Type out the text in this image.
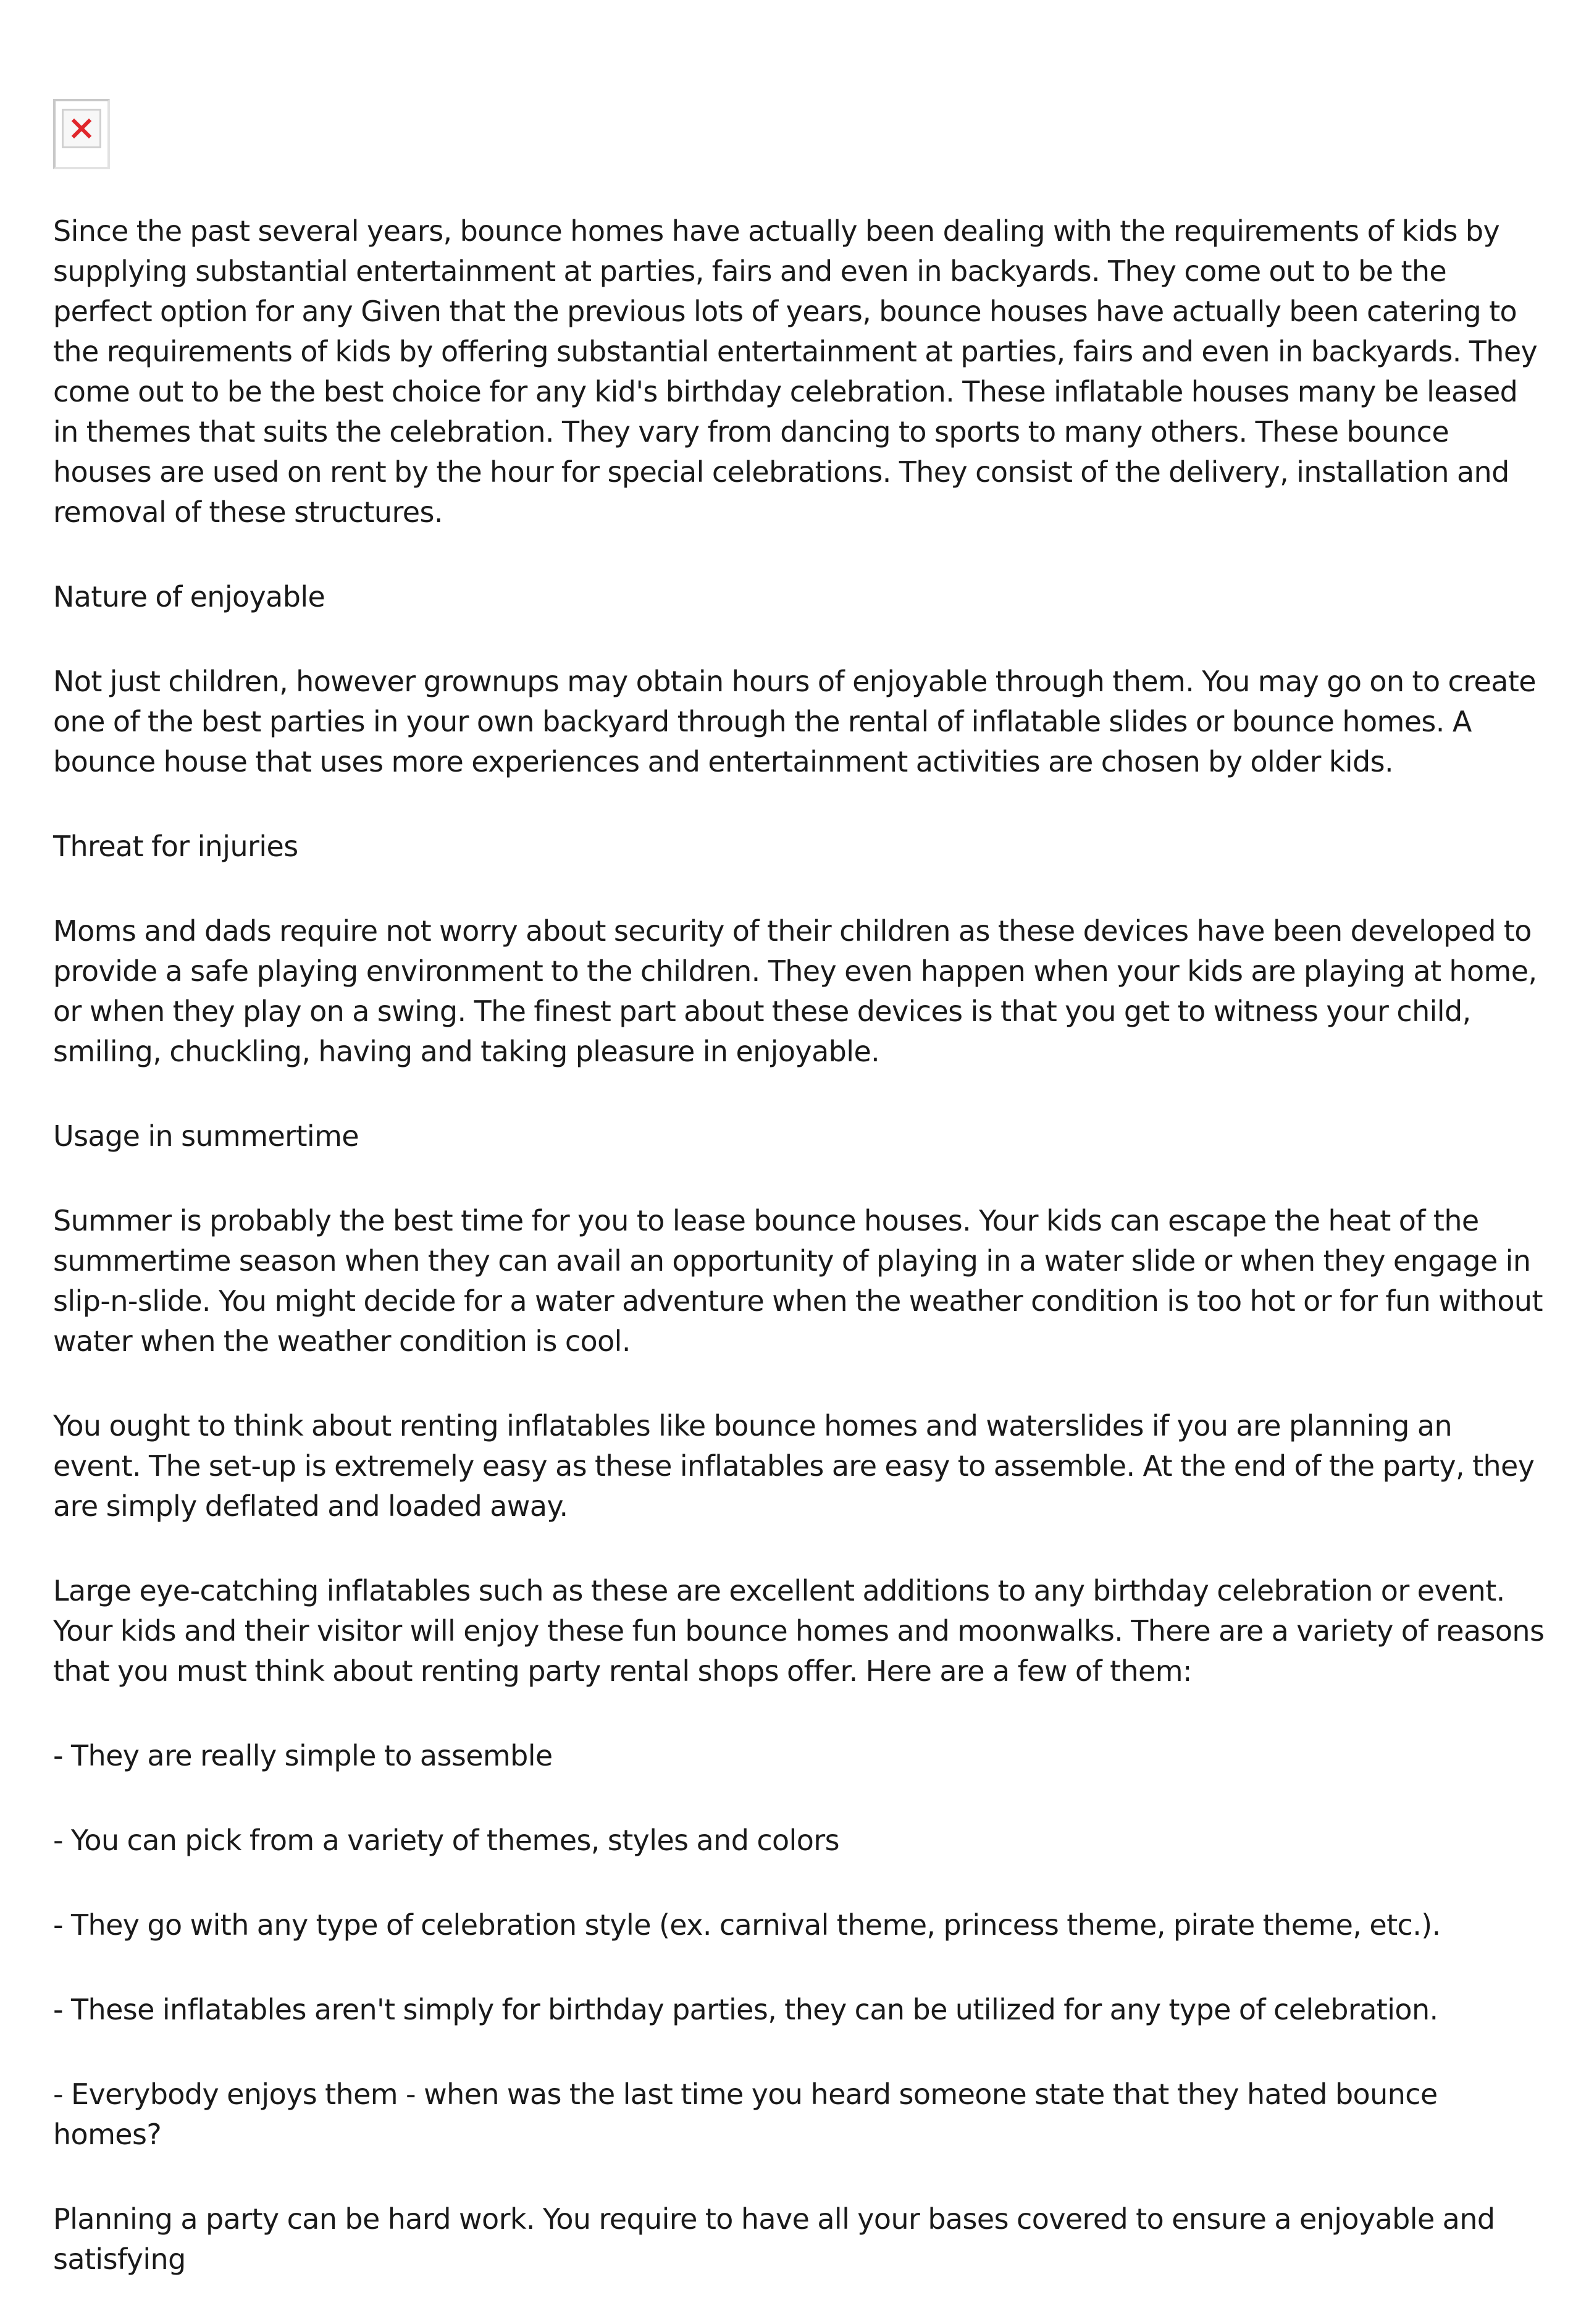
Since the past several years, bounce homes have actually been dealing with the requirements of kids by supplying substantial entertainment at parties, fairs and even in backyards. They come out to be the perfect option for any Given that the previous lots of years, bounce houses have actually been catering to the requirements of kids by offering substantial entertainment at parties, fairs and even in backyards. They come out to be the best choice for any kid's birthday celebration. These inflatable houses many be leased in themes that suits the celebration. They vary from dancing to sports to many others. These bounce houses are used on rent by the hour for special celebrations. They consist of the delivery, installation and removal of these structures.

Nature of enjoyable

Not just children, however grownups may obtain hours of enjoyable through them. You may go on to create one of the best parties in your own backyard through the rental of inflatable slides or bounce homes. A bounce house that uses more experiences and entertainment activities are chosen by older kids.

Threat for injuries

Moms and dads require not worry about security of their children as these devices have been developed to provide a safe playing environment to the children. They even happen when your kids are playing at home, or when they play on a swing. The finest part about these devices is that you get to witness your child, smiling, chuckling, having and taking pleasure in enjoyable.

Usage in summertime

Summer is probably the best time for you to lease bounce houses. Your kids can escape the heat of the summertime season when they can avail an opportunity of playing in a water slide or when they engage in slip-n-slide. You might decide for a water adventure when the weather condition is too hot or for fun without water when the weather condition is cool.

You ought to think about renting inflatables like bounce homes and waterslides if you are planning an event. The set-up is extremely easy as these inflatables are easy to assemble. At the end of the party, they are simply deflated and loaded away.

Large eye-catching inflatables such as these are excellent additions to any birthday celebration or event. Your kids and their visitor will enjoy these fun bounce homes and moonwalks. There are a variety of reasons that you must think about renting party rental shops offer. Here are a few of them:

- They are really simple to assemble

- You can pick from a variety of themes, styles and colors

- They go with any type of celebration style (ex. carnival theme, princess theme, pirate theme, etc.).

- These inflatables aren't simply for birthday parties, they can be utilized for any type of celebration.

- Everybody enjoys them - when was the last time you heard someone state that they hated bounce homes?

Planning a party can be hard work. You require to have all your bases covered to ensure a enjoyable and satisfying
